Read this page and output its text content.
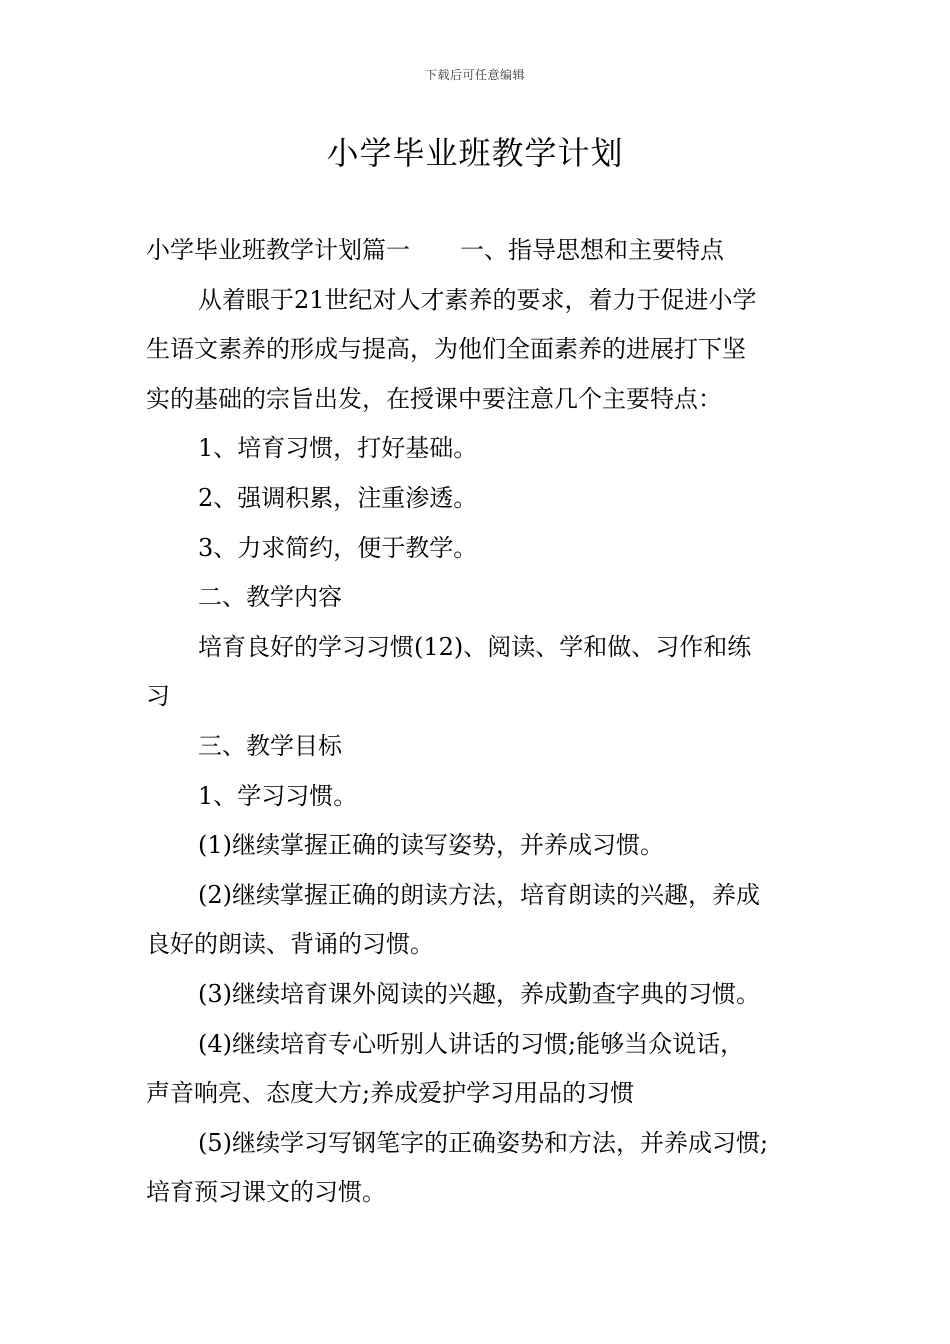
下载后可任意编辑
小学毕业班教学计划
小学毕业班教学计划篇一 一、指导思想和主要特点
从着眼于21世纪对人才素养的要求，着力于促进小学
生语文素养的形成与提高，为他们全面素养的进展打下坚
实的基础的宗旨出发，在授课中要注意几个主要特点：
1、培育习惯，打好基础。
2、强调积累，注重渗透。
3、力求简约，便于教学。
二、教学内容
培育良好的学习习惯(12)、阅读、学和做、习作和练
习
三、教学目标
1、学习习惯。
(1)继续掌握正确的读写姿势，并养成习惯。
(2)继续掌握正确的朗读方法，培育朗读的兴趣，养成
良好的朗读、背诵的习惯。
(3)继续培育课外阅读的兴趣，养成勤查字典的习惯。
(4)继续培育专心听别人讲话的习惯;能够当众说话，
声音响亮、态度大方;养成爱护学习用品的习惯
(5)继续学习写钢笔字的正确姿势和方法，并养成习惯;
培育预习课文的习惯。
